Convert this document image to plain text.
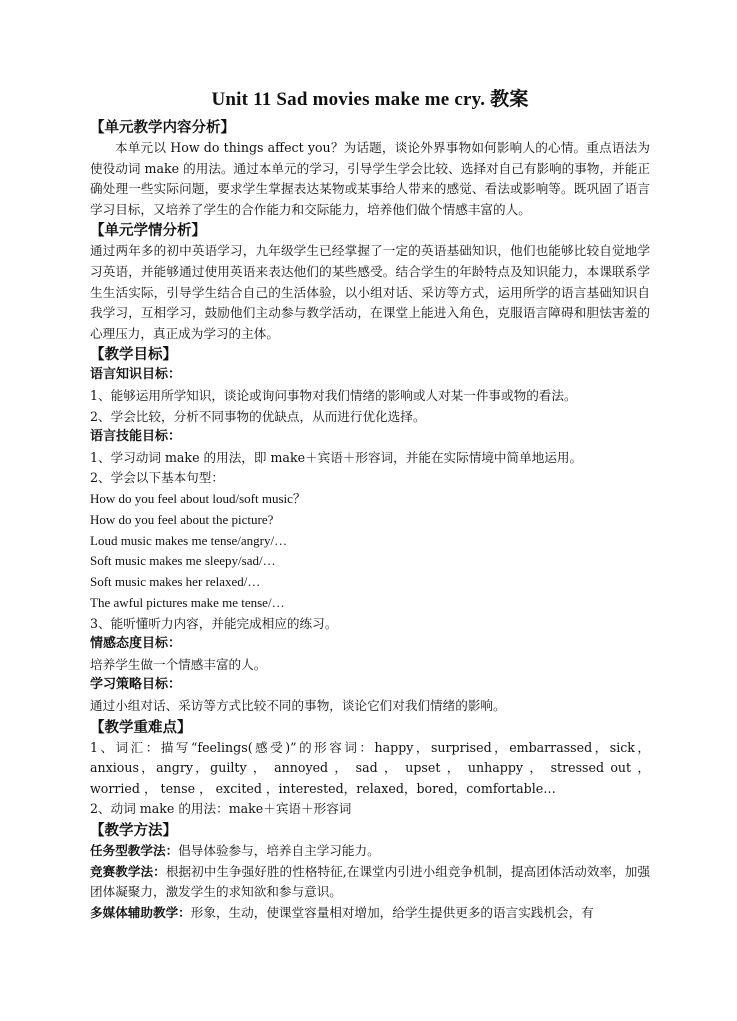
Unit 11 Sad movies make me cry. 教案

【单元教学内容分析】

本单元以 How do things affect you？为话题，谈论外界事物如何影响人的心情。重点语法为使役动词 make 的用法。通过本单元的学习，引导学生学会比较、选择对自己有影响的事物，并能正确处理一些实际问题，要求学生掌握表达某物或某事给人带来的感觉、看法或影响等。既巩固了语言学习目标，又培养了学生的合作能力和交际能力，培养他们做个情感丰富的人。

【单元学情分析】

通过两年多的初中英语学习，九年级学生已经掌握了一定的英语基础知识，他们也能够比较自觉地学习英语，并能够通过使用英语来表达他们的某些感受。结合学生的年龄特点及知识能力，本课联系学生生活实际，引导学生结合自己的生活体验，以小组对话、采访等方式，运用所学的语言基础知识自我学习，互相学习，鼓励他们主动参与教学活动，在课堂上能进入角色，克服语言障碍和胆怯害羞的心理压力，真正成为学习的主体。

【教学目标】

语言知识目标：

1、能够运用所学知识，谈论或询问事物对我们情绪的影响或人对某一件事或物的看法。

2、学会比较，分析不同事物的优缺点，从而进行优化选择。

语言技能目标：

1、学习动词 make 的用法，即 make＋宾语＋形容词，并能在实际情境中简单地运用。

2、学会以下基本句型：

How do you feel about loud/soft music？

How do you feel about the picture?

Loud music makes me tense/angry/…

Soft music makes me sleepy/sad/…

Soft music makes her relaxed/…

The awful pictures make me tense/…

3、能听懂听力内容，并能完成相应的练习。

情感态度目标：

培养学生做一个情感丰富的人。

学习策略目标：

通过小组对话、采访等方式比较不同的事物，谈论它们对我们情绪的影响。

【教学重难点】

1、词汇：描写“feelings(感受)”的形容词：happy，surprised，embarrassed，sick，anxious，angry，guilty ， annoyed ， sad ， upset ， unhappy ， stressed out ， worried ， tense ， excited ，interested，relaxed，bored，comfortable…

2、动词 make 的用法：make＋宾语＋形容词

【教学方法】

任务型教学法：倡导体验参与，培养自主学习能力。

竞赛教学法：根据初中生争强好胜的性格特征,在课堂内引进小组竞争机制，提高团体活动效率，加强团体凝聚力，激发学生的求知欲和参与意识。

多媒体辅助教学：形象，生动，使课堂容量相对增加，给学生提供更多的语言实践机会，有
